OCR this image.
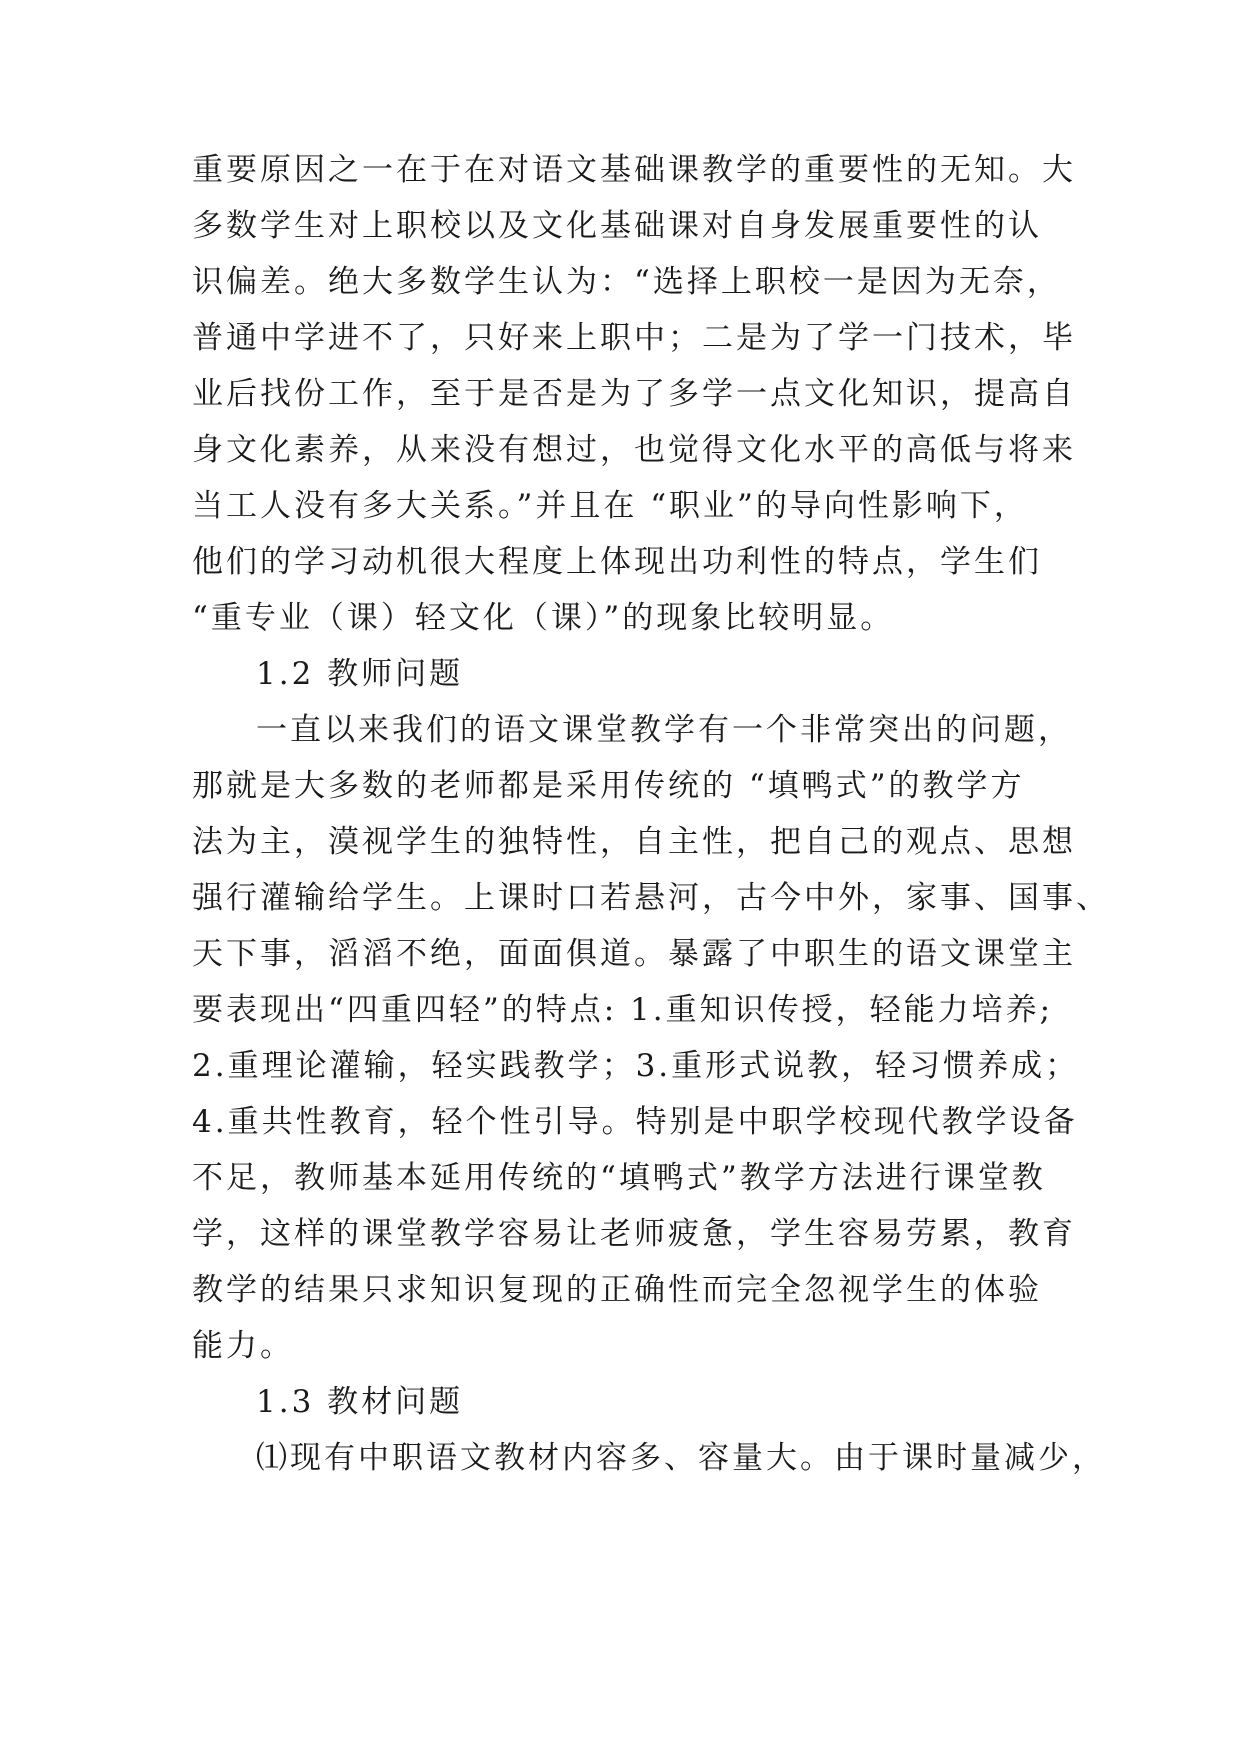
重要原因之一在于在对语文基础课教学的重要性的无知。大
多数学生对上职校以及文化基础课对自身发展重要性的认
识偏差。绝大多数学生认为：“选择上职校一是因为无奈，
普通中学进不了，只好来上职中；二是为了学一门技术，毕
业后找份工作，至于是否是为了多学一点文化知识，提高自
身文化素养，从来没有想过，也觉得文化水平的高低与将来
当工人没有多大关系。”并且在 “职业”的导向性影响下，
他们的学习动机很大程度上体现出功利性的特点，学生们
“重专业（课）轻文化（课）”的现象比较明显。
1.2 教师问题
一直以来我们的语文课堂教学有一个非常突出的问题，
那就是大多数的老师都是采用传统的 “填鸭式”的教学方
法为主，漠视学生的独特性，自主性，把自己的观点、思想
强行灌输给学生。上课时口若悬河，古今中外，家事、国事、
天下事，滔滔不绝，面面俱道。暴露了中职生的语文课堂主
要表现出“四重四轻”的特点: 1.重知识传授，轻能力培养;
2.重理论灌输，轻实践教学；3.重形式说教，轻习惯养成；
4.重共性教育，轻个性引导。特别是中职学校现代教学设备
不足，教师基本延用传统的“填鸭式”教学方法进行课堂教
学，这样的课堂教学容易让老师疲惫，学生容易劳累，教育
教学的结果只求知识复现的正确性而完全忽视学生的体验
能力。
1.3 教材问题
⑴现有中职语文教材内容多、容量大。由于课时量减少，
